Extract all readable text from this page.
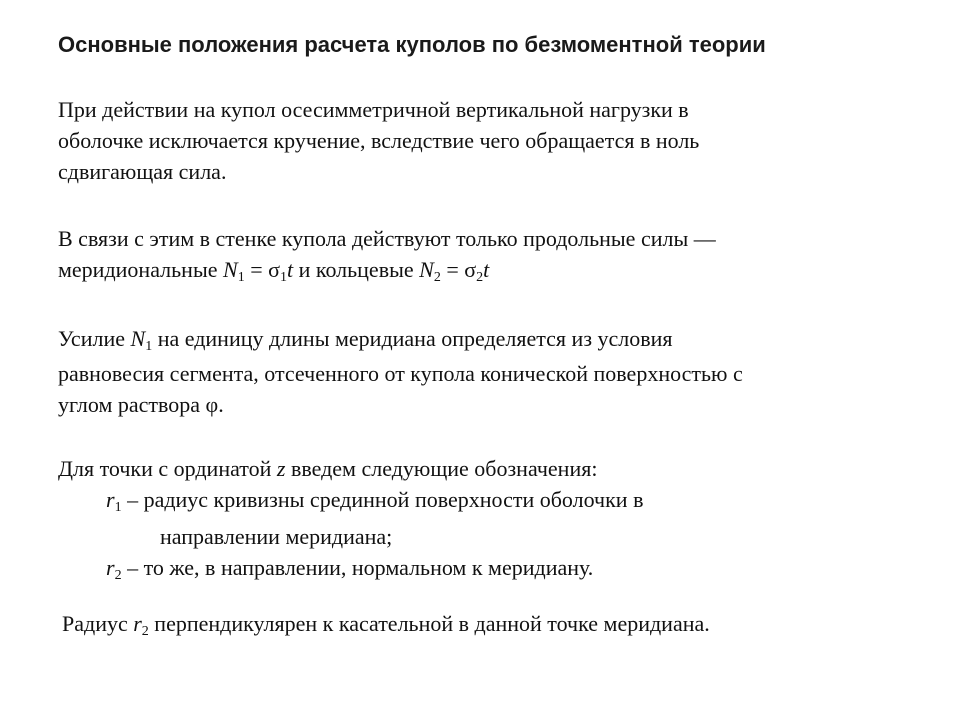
Основные положения расчета куполов по безмоментной теории
При действии на купол осесимметричной вертикальной нагрузки в
оболочке исключается кручение, вследствие чего обращается в ноль
сдвигающая сила.
В связи с этим в стенке купола действуют только продольные силы —
меридиональные $N_1 = \sigma_1t$ и кольцевые $N_2 = \sigma_2t$
Усилие $N_1$ на единицу длины меридиана определяется из условия
равновесия сегмента, отсеченного от купола конической поверхностью с
углом раствора φ.
Для точки с ординатой z введем следующие обозначения:
$r_1$ – радиус кривизны срединной поверхности оболочки в
направлении меридиана;
$r_2$ – то же, в направлении, нормальном к меридиану.
Радиус $r_2$ перпендикулярен к касательной в данной точке меридиана.
